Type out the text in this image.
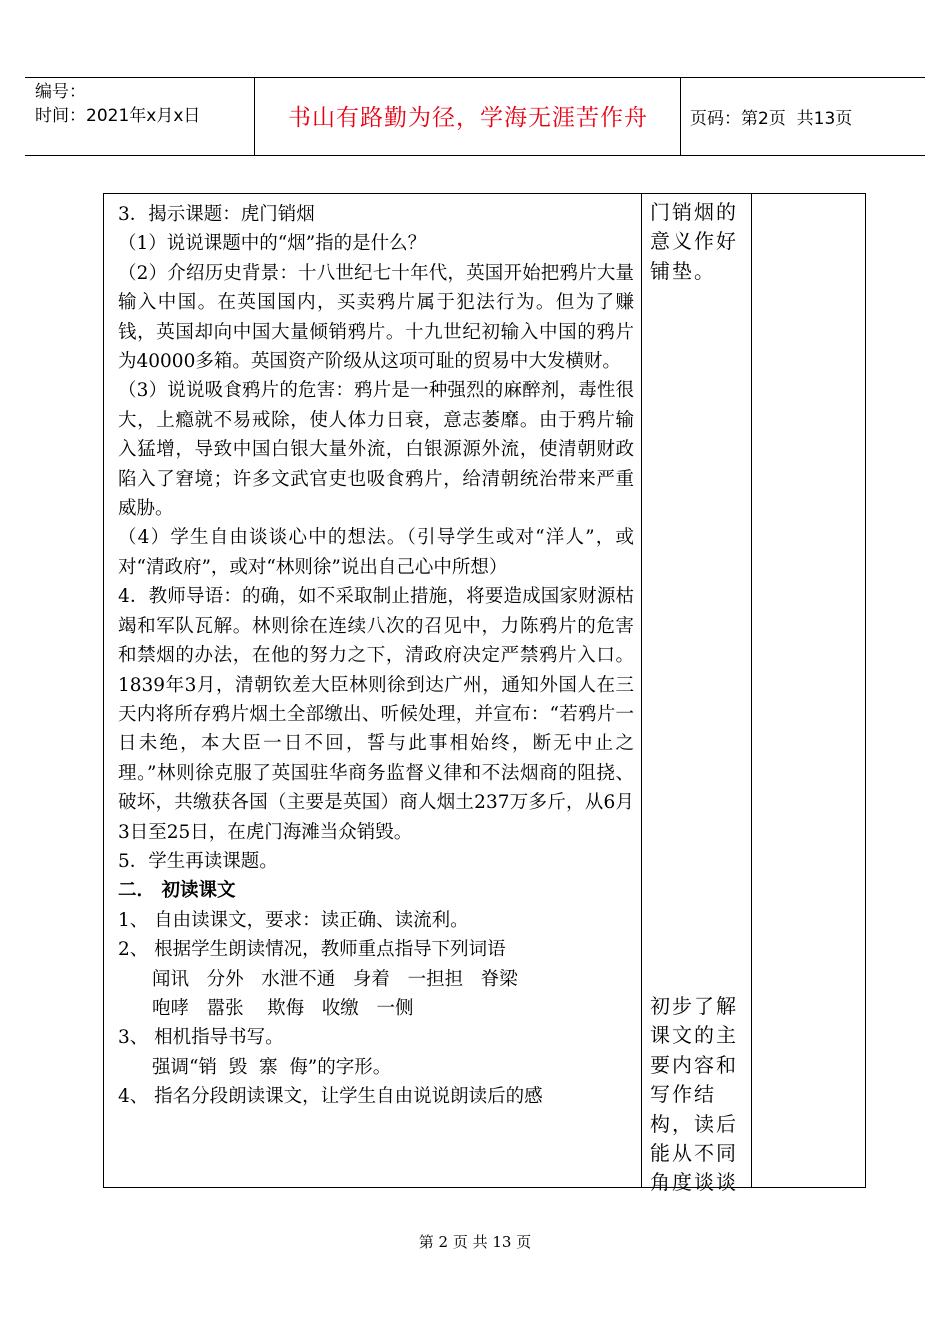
编号：
时间：2021年x月x日	书山有路勤为径，学海无涯苦作舟	页码：第2页  共13页

3．揭示课题：虎门销烟

（1）说说课题中的“烟”指的是什么？

（2）介绍历史背景：十八世纪七十年代，英国开始把鸦片大量输入中国。在英国国内，买卖鸦片属于犯法行为。但为了赚钱，英国却向中国大量倾销鸦片。十九世纪初输入中国的鸦片为40000多箱。英国资产阶级从这项可耻的贸易中大发横财。

（3）说说吸食鸦片的危害：鸦片是一种强烈的麻醉剂，毒性很大，上瘾就不易戒除，使人体力日衰，意志萎靡。由于鸦片输入猛增，导致中国白银大量外流，白银源源外流，使清朝财政陷入了窘境；许多文武官吏也吸食鸦片，给清朝统治带来严重威胁。

（4）学生自由谈谈心中的想法。（引导学生或对“洋人”，或对“清政府”，或对“林则徐”说出自己心中所想）

4．教师导语：的确，如不采取制止措施，将要造成国家财源枯竭和军队瓦解。林则徐在连续八次的召见中，力陈鸦片的危害和禁烟的办法，在他的努力之下，清政府决定严禁鸦片入口。1839年3月，清朝钦差大臣林则徐到达广州，通知外国人在三天内将所存鸦片烟土全部缴出、听候处理，并宣布：“若鸦片一日未绝，本大臣一日不回，誓与此事相始终，断无中止之理。”林则徐克服了英国驻华商务监督义律和不法烟商的阻挠、破坏，共缴获各国（主要是英国）商人烟土237万多斤，从6月3日至25日，在虎门海滩当众销毁。

5．学生再读课题。

二． 初读课文

1、 自由读课文，要求：读正确、读流利。

2、 根据学生朗读情况，教师重点指导下列词语

闻讯   分外   水泄不通   身着   一担担   脊梁

咆哮   嚣张    欺侮   收缴   一侧

3、 相机指导书写。

强调“销  毁  寨  侮”的字形。

4、 指名分段朗读课文，让学生自由说说朗读后的感

门销烟的意义作好铺垫。

初步了解课文的主要内容和写作结构，读后能从不同角度谈谈

第 2 页 共 13 页
